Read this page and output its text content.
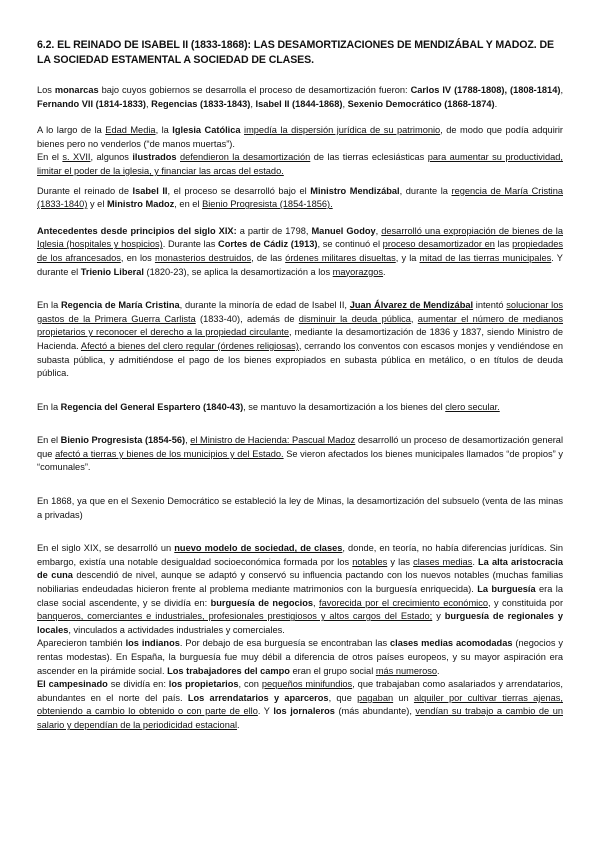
6.2. EL REINADO DE ISABEL II (1833-1868): LAS DESAMORTIZACIONES DE MENDIZÁBAL Y MADOZ. DE LA SOCIEDAD ESTAMENTAL A SOCIEDAD DE CLASES.

Los monarcas bajo cuyos gobiernos se desarrolla el proceso de desamortización fueron: Carlos IV (1788-1808), (1808-1814), Fernando VII (1814-1833), Regencias (1833-1843), Isabel II (1844-1868), Sexenio Democrático (1868-1874).

A lo largo de la Edad Media, la Iglesia Católica impedía la dispersión jurídica de su patrimonio, de modo que podía adquirir bienes pero no venderlos (“de manos muertas”).

En el s. XVII, algunos ilustrados defendieron la desamortización de las tierras eclesiásticas para aumentar su productividad, limitar el poder de la iglesia, y financiar las arcas del estado.

Durante el reinado de Isabel II, el proceso se desarrolló bajo el Ministro Mendizábal, durante la regencia de María Cristina (1833-1840) y el Ministro Madoz, en el Bienio Progresista (1854-1856).

Antecedentes desde principios del siglo XIX: a partir de 1798, Manuel Godoy, desarrolló una expropiación de bienes de la Iglesia (hospitales y hospicios). Durante las Cortes de Cádiz (1913), se continuó el proceso desamortizador en las propiedades de los afrancesados, en los monasterios destruidos, de las órdenes militares disueltas, y la mitad de las tierras municipales. Y durante el Trienio Liberal (1820-23), se aplica la desamortización a los mayorazgos.

En la Regencia de María Cristina, durante la minoría de edad de Isabel II, Juan Álvarez de Mendizábal intentó solucionar los gastos de la Primera Guerra Carlista (1833-40), además de disminuir la deuda pública, aumentar el número de medianos propietarios y reconocer el derecho a la propiedad circulante, mediante la desamortización de 1836 y 1837, siendo Ministro de Hacienda. Afectó a bienes del clero regular (órdenes religiosas), cerrando los conventos con escasos monjes y vendiéndose en subasta pública, y admitiéndose el pago de los bienes expropiados en subasta pública en metálico, o en títulos de deuda pública.

En la Regencia del General Espartero (1840-43), se mantuvo la desamortización a los bienes del clero secular.

En el Bienio Progresista (1854-56), el Ministro de Hacienda: Pascual Madoz desarrolló un proceso de desamortización general que afectó a tierras y bienes de los municipios y del Estado. Se vieron afectados los bienes municipales llamados “de propios” y “comunales”.

En 1868, ya que en el Sexenio Democrático se estableció la ley de Minas, la desamortización del subsuelo (venta de las minas a privadas)

En el siglo XIX, se desarrolló un nuevo modelo de sociedad, de clases, donde, en teoría, no había diferencias jurídicas. Sin embargo, existía una notable desigualdad socioeconómica formada por los notables y las clases medias. La alta aristocracia de cuna descendió de nivel, aunque se adaptó y conservó su influencia pactando con los nuevos notables (muchas familias nobiliarias endeudadas hicieron frente al problema mediante matrimonios con la burguesía enriquecida). La burguesía era la clase social ascendente, y se dividía en: burguesía de negocios, favorecida por el crecimiento económico, y constituida por banqueros, comerciantes e industriales, profesionales prestigiosos y altos cargos del Estado; y burguesía de regionales y locales, vinculados a actividades industriales y comerciales.

Aparecieron también los indianos. Por debajo de esa burguesía se encontraban las clases medias acomodadas (negocios y rentas modestas). En España, la burguesía fue muy débil a diferencia de otros países europeos, y su mayor aspiración era ascender en la pirámide social. Los trabajadores del campo eran el grupo social más numeroso.

El campesinado se dividía en: los propietarios, con pequeños minifundios, que trabajaban como asalariados y arrendatarios, abundantes en el norte del país. Los arrendatarios y aparceros, que pagaban un alquiler por cultivar tierras ajenas, obteniendo a cambio lo obtenido o con parte de ello. Y los jornaleros (más abundante), vendían su trabajo a cambio de un salario y dependían de la periodicidad estacional.
